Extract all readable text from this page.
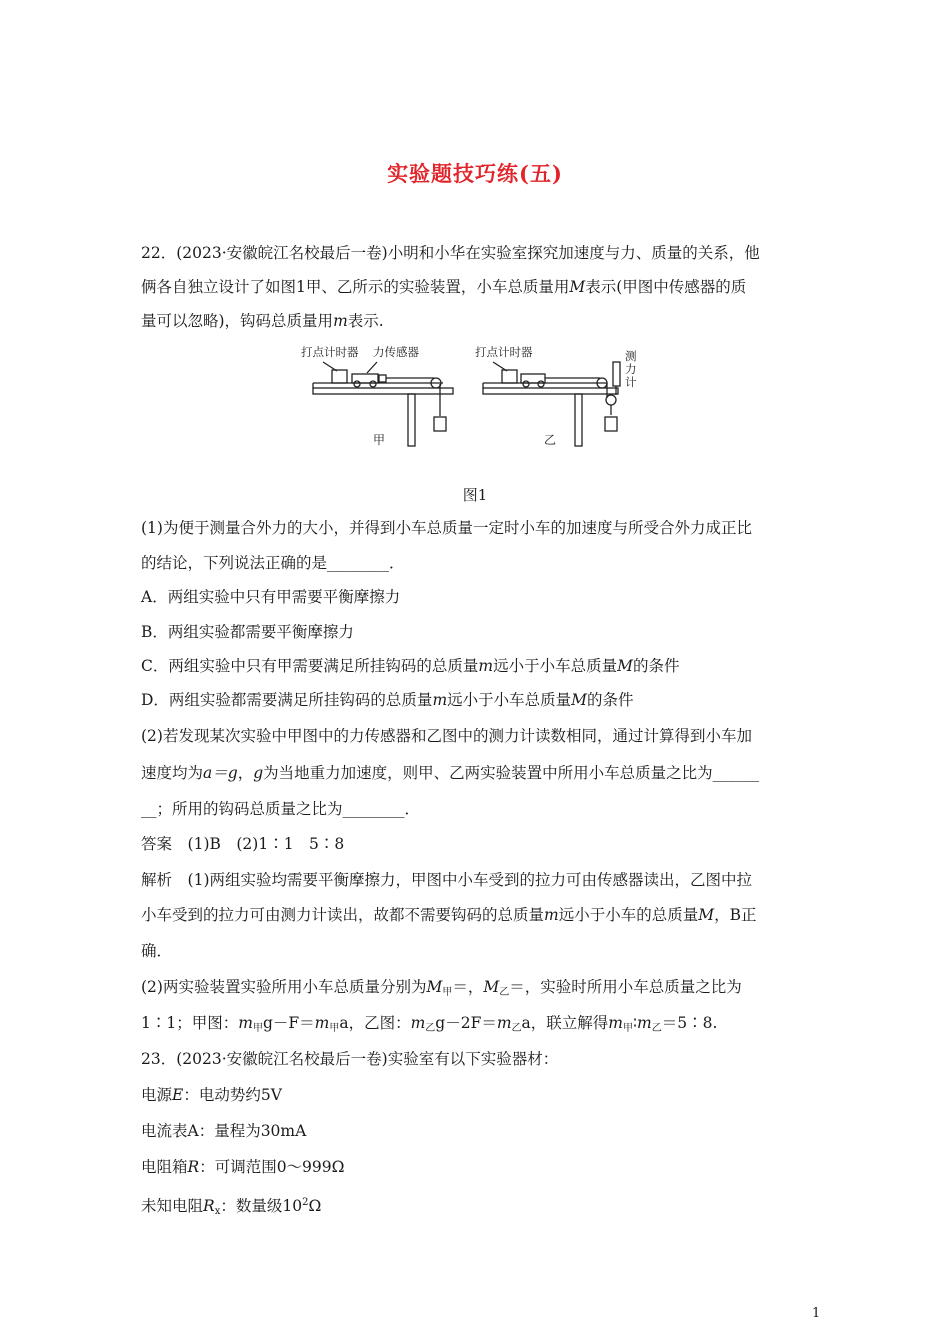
实验题技巧练(五)
22．(2023·安徽皖江名校最后一卷)小明和小华在实验室探究加速度与力、质量的关系，他
俩各自独立设计了如图1甲、乙所示的实验装置，小车总质量用M表示(甲图中传感器的质
量可以忽略)，钩码总质量用m表示.
打点计时器 力传感器
甲
打点计时器
乙
测力计
图1
(1)为便于测量合外力的大小，并得到小车总质量一定时小车的加速度与所受合外力成正比
的结论，下列说法正确的是________．
A．两组实验中只有甲需要平衡摩擦力
B．两组实验都需要平衡摩擦力
C．两组实验中只有甲需要满足所挂钩码的总质量m远小于小车总质量M的条件
D．两组实验都需要满足所挂钩码的总质量m远小于小车总质量M的条件
(2)若发现某次实验中甲图中的力传感器和乙图中的测力计读数相同，通过计算得到小车加
速度均为a＝g，g为当地重力加速度，则甲、乙两实验装置中所用小车总质量之比为______
__；所用的钩码总质量之比为________．
答案　 (1)B　(2)1∶1　5∶8
解析　 (1)两组实验均需要平衡摩擦力，甲图中小车受到的拉力可由传感器读出，乙图中拉
小车受到的拉力可由测力计读出，故都不需要钩码的总质量m远小于小车的总质量M，B正
确．
(2)两实验装置实验所用小车总质量分别为$M_甲=$，$M_乙=$，实验时所用小车总质量之比为
1∶1；甲图：$m_甲g-F=m_甲a$，乙图：$m_乙g-2F=m_乙a$，联立解得$m_甲∶m_乙=5∶8$.
23．(2023·安徽皖江名校最后一卷)实验室有以下实验器材：
电源E：电动势约5V
电流表A：量程为30mA
电阻箱R：可调范围0～999Ω
未知电阻$R_x$：数量级$10^2\Omega$
1
